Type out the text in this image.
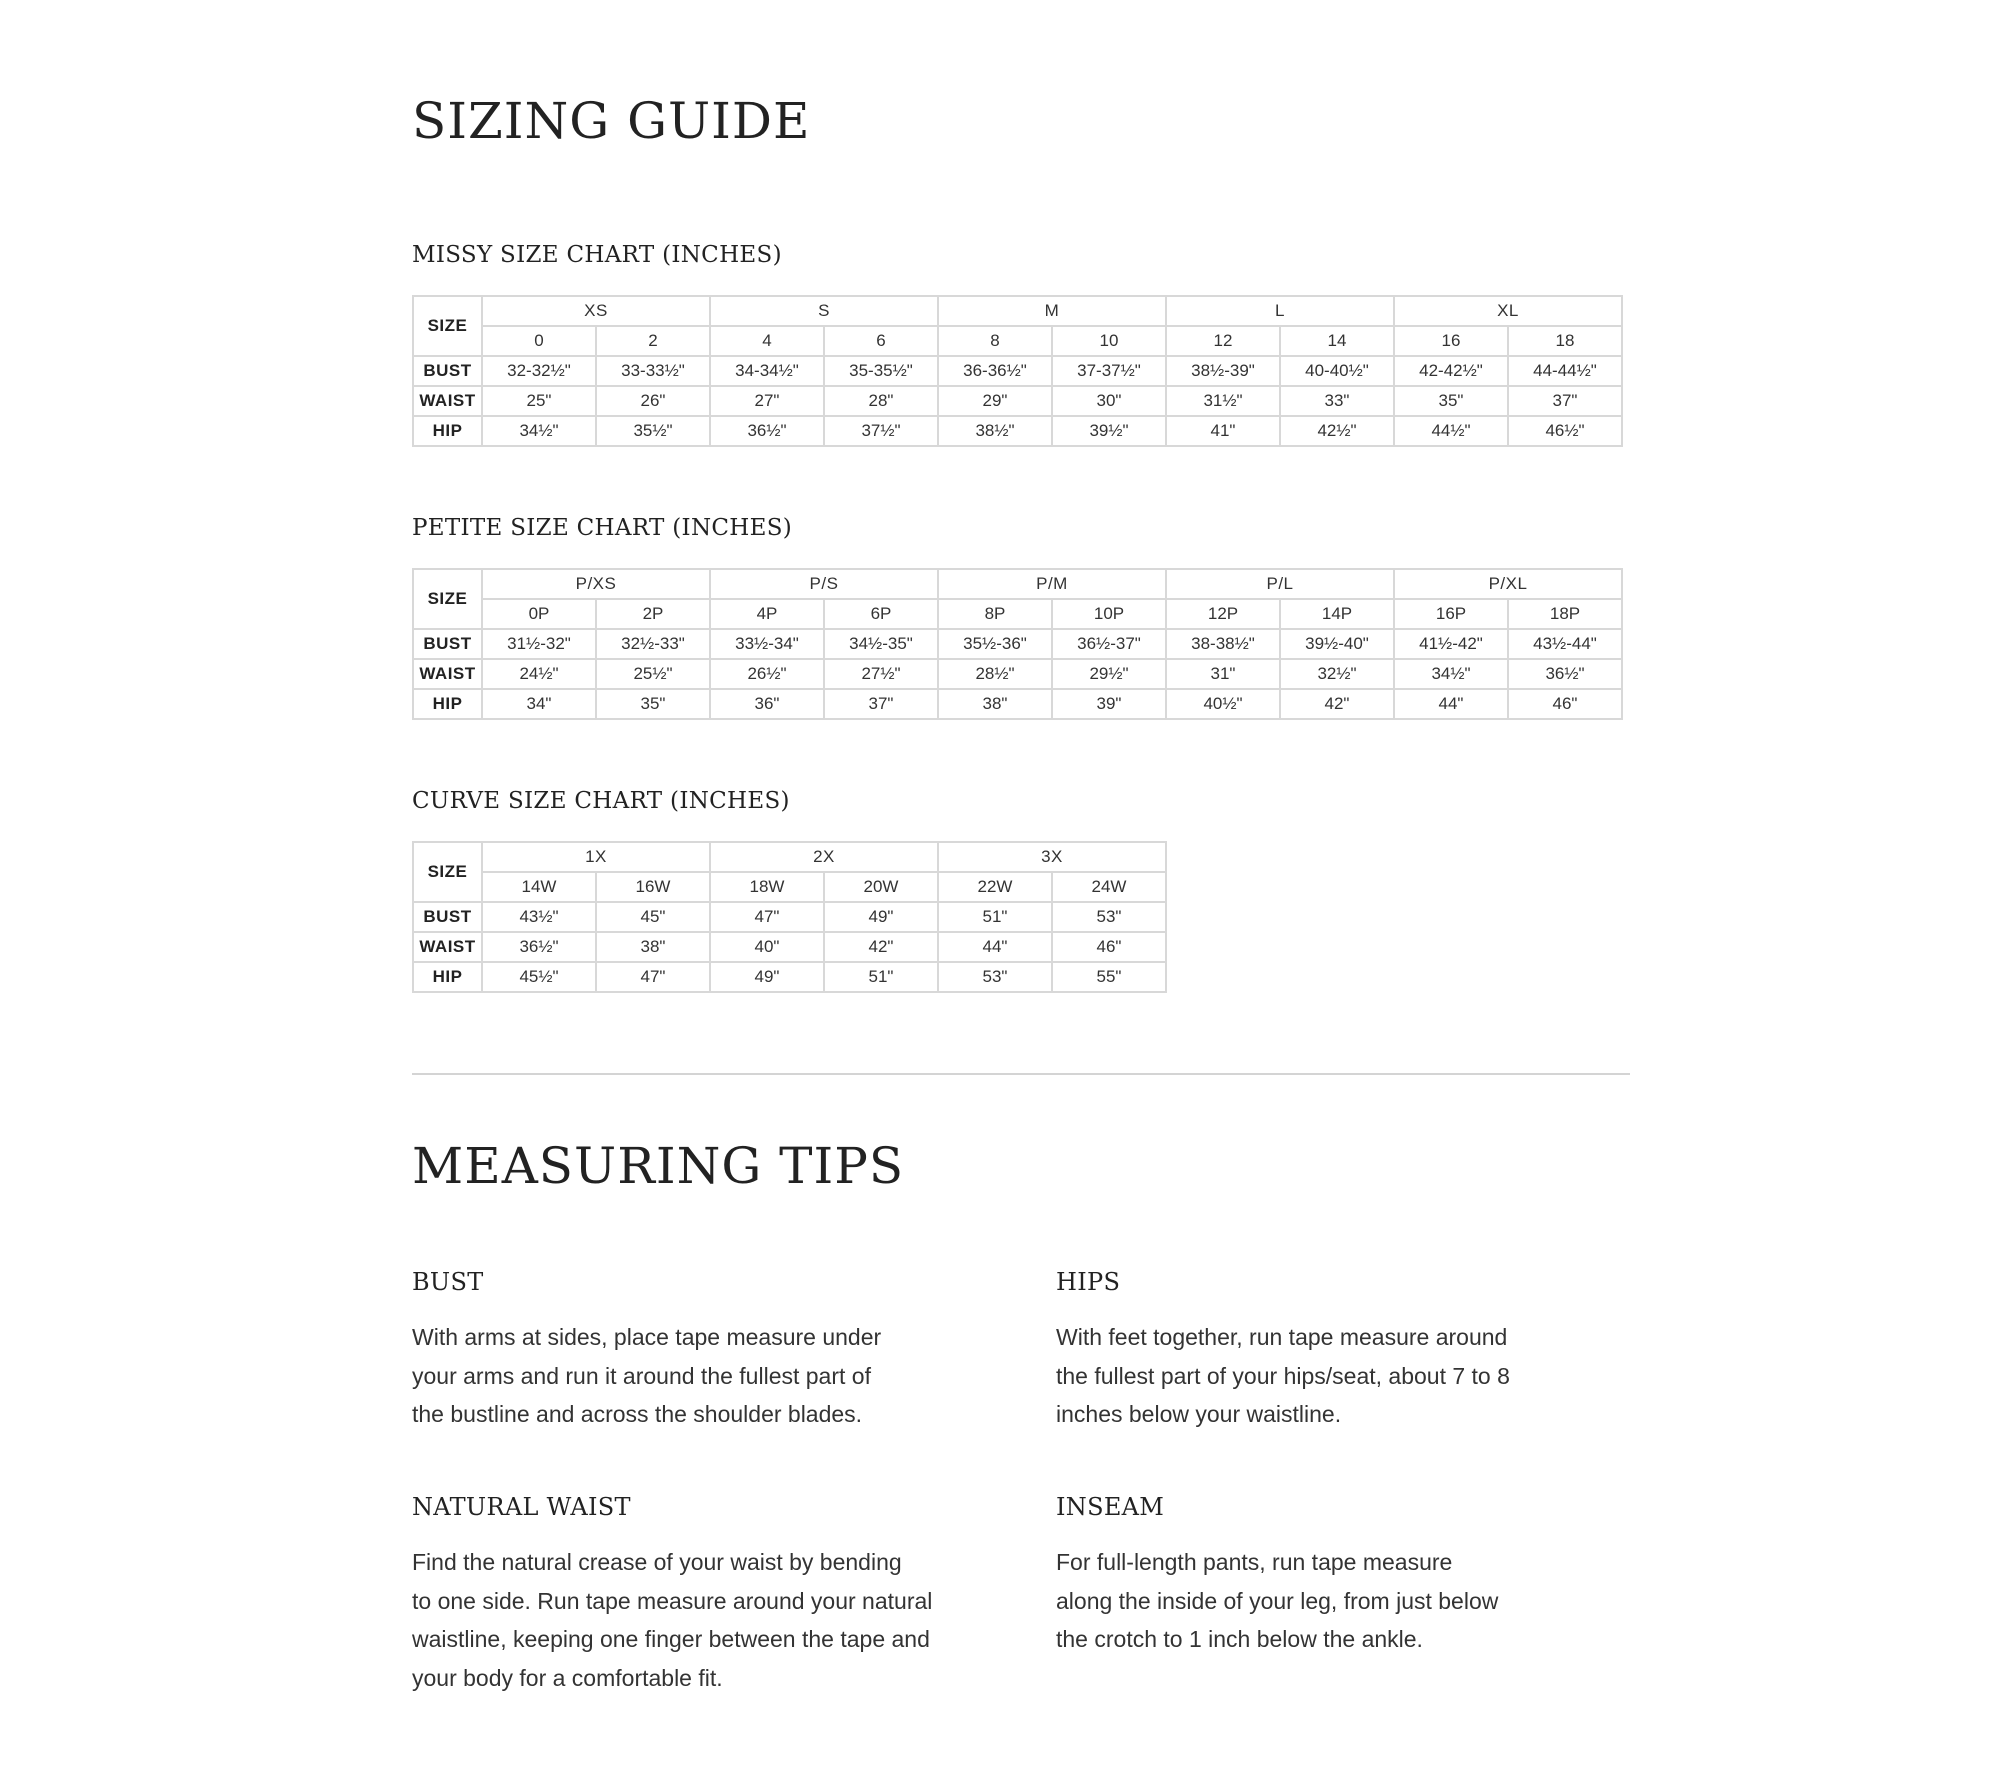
SIZING GUIDE
MISSY SIZE CHART (INCHES)
SIZE	XS		S		M		L		XL	
	0	2	4	6	8	10	12	14	16	18
BUST	32-32½"	33-33½"	34-34½"	35-35½"	36-36½"	37-37½"	38½-39"	40-40½"	42-42½"	44-44½"
WAIST	25"	26"	27"	28"	29"	30"	31½"	33"	35"	37"
HIP	34½"	35½"	36½"	37½"	38½"	39½"	41"	42½"	44½"	46½"
PETITE SIZE CHART (INCHES)
SIZE	P/XS		P/S		P/M		P/L		P/XL	
	0P	2P	4P	6P	8P	10P	12P	14P	16P	18P
BUST	31½-32"	32½-33"	33½-34"	34½-35"	35½-36"	36½-37"	38-38½"	39½-40"	41½-42"	43½-44"
WAIST	24½"	25½"	26½"	27½"	28½"	29½"	31"	32½"	34½"	36½"
HIP	34"	35"	36"	37"	38"	39"	40½"	42"	44"	46"
CURVE SIZE CHART (INCHES)
SIZE	1X		2X		3X	
	14W	16W	18W	20W	22W	24W
BUST	43½"	45"	47"	49"	51"	53"
WAIST	36½"	38"	40"	42"	44"	46"
HIP	45½"	47"	49"	51"	53"	55"
MEASURING TIPS
BUST

With arms at sides, place tape measure under
your arms and run it around the fullest part of
the bustline and across the shoulder blades.

HIPS

With feet together, run tape measure around
the fullest part of your hips/seat, about 7 to 8
inches below your waistline.

NATURAL WAIST

Find the natural crease of your waist by bending
to one side. Run tape measure around your natural
waistline, keeping one finger between the tape and
your body for a comfortable fit.

INSEAM

For full-length pants, run tape measure
along the inside of your leg, from just below
the crotch to 1 inch below the ankle.
